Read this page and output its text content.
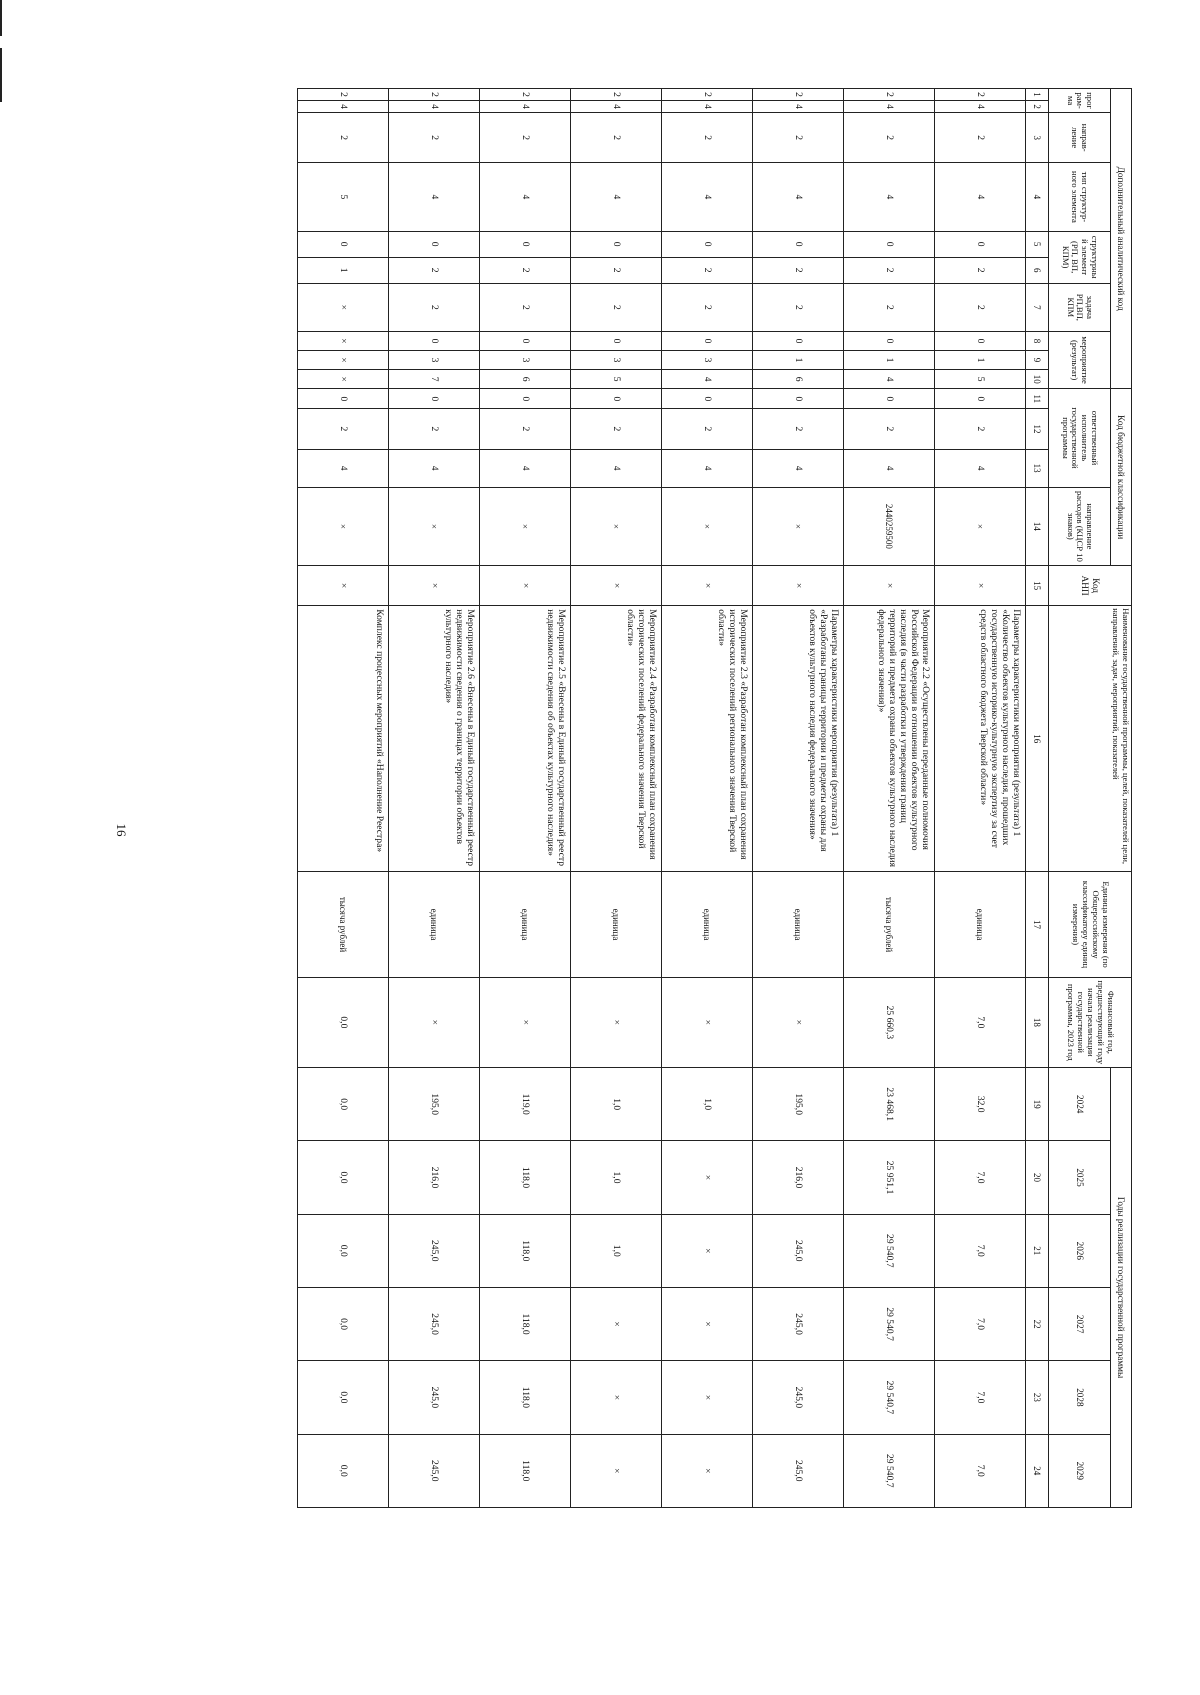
16
Дополнительный аналитический код										Код бюджетной классификации				Код АНП	Наименование государственной программы, целей, показателей цели, направлений, задач, мероприятий, показателей	Единица измерения (по Общероссийскому классификатору единиц измерения)	Финансовый год, предшествующий году начала реализации государственной программы, 2023 год	Годы реализации государственной программы					
програм-ма		направ-ление	тип структур-ного элемента	структурный элемент (РП, ВП, КПМ)		задача РП,ВП, КПМ	мероприятие (результат)			ответственный исполнитель государственной программы			направление расходов (КЦСР 10 знаков)					2024	2025	2026	2027	2028	2029

1	2	3	4	5	6	7	8	9	10	11	12	13	14	15	16	17	18	19	20	21	22	23	24
2	4	2	4	0	2	2	0	1	5	0	2	4	×	×	Параметры характеристики мероприятия (результата) 1 «Количество объектов культурного наследия, прошедших государственную историко-культурную экспертизу за счет средств областного бюджета Тверской области»	единица	7,0	32,0	7,0	7,0	7,0	7,0	7,0
2	4	2	4	0	2	2	0	1	4	0	2	4	2440259500	×	Мероприятие 2.2 «Осуществлены переданные полномочия Российской Федерации в отношении объектов культурного наследия (в части разработки и утверждения границ территорий и предмета охраны объектов культурного наследия федерального значения)»	тысяча рублей	25 660,3	23 468,1	25 951,1	29 540,7	29 540,7	29 540,7	29 540,7
2	4	2	4	0	2	2	0	1	6	0	2	4	×	×	Параметры характеристики мероприятия (результата) 1 «Разработаны границы территории и предметы охраны для объектов культурного наследия федерального значения»	единица	×	195,0	216,0	245,0	245,0	245,0	245,0
2	4	2	4	0	2	2	0	3	4	0	2	4	×	×	Мероприятие 2.3 «Разработан комплексный план сохранения исторических поселений регионального значения Тверской области»	единица	×	1,0	×	×	×	×	×
2	4	2	4	0	2	2	0	3	5	0	2	4	×	×	Мероприятие 2.4 «Разработан комплексный план сохранения исторических поселений федерального значения Тверской области»	единица	×	1,0	1,0	1,0	×	×	×
2	4	2	4	0	2	2	0	3	6	0	2	4	×	×	Мероприятие 2.5 «Внесены в Единый государственный реестр недвижимости сведения об объектах культурного наследия»	единица	×	119,0	118,0	118,0	118,0	118,0	118,0
2	4	2	4	0	2	2	0	3	7	0	2	4	×	×	Мероприятие 2.6 «Внесены в Единый государственный реестр недвижимости сведения о границах территории объектов культурного наследия»	единица	×	195,0	216,0	245,0	245,0	245,0	245,0
2	4	2	5	0	1	×	×	×	×	0	2	4	×	×	Комплекс процессных мероприятий «Наполнение Реестра»	тысяча рублей	0,0	0,0	0,0	0,0	0,0	0,0	0,0
